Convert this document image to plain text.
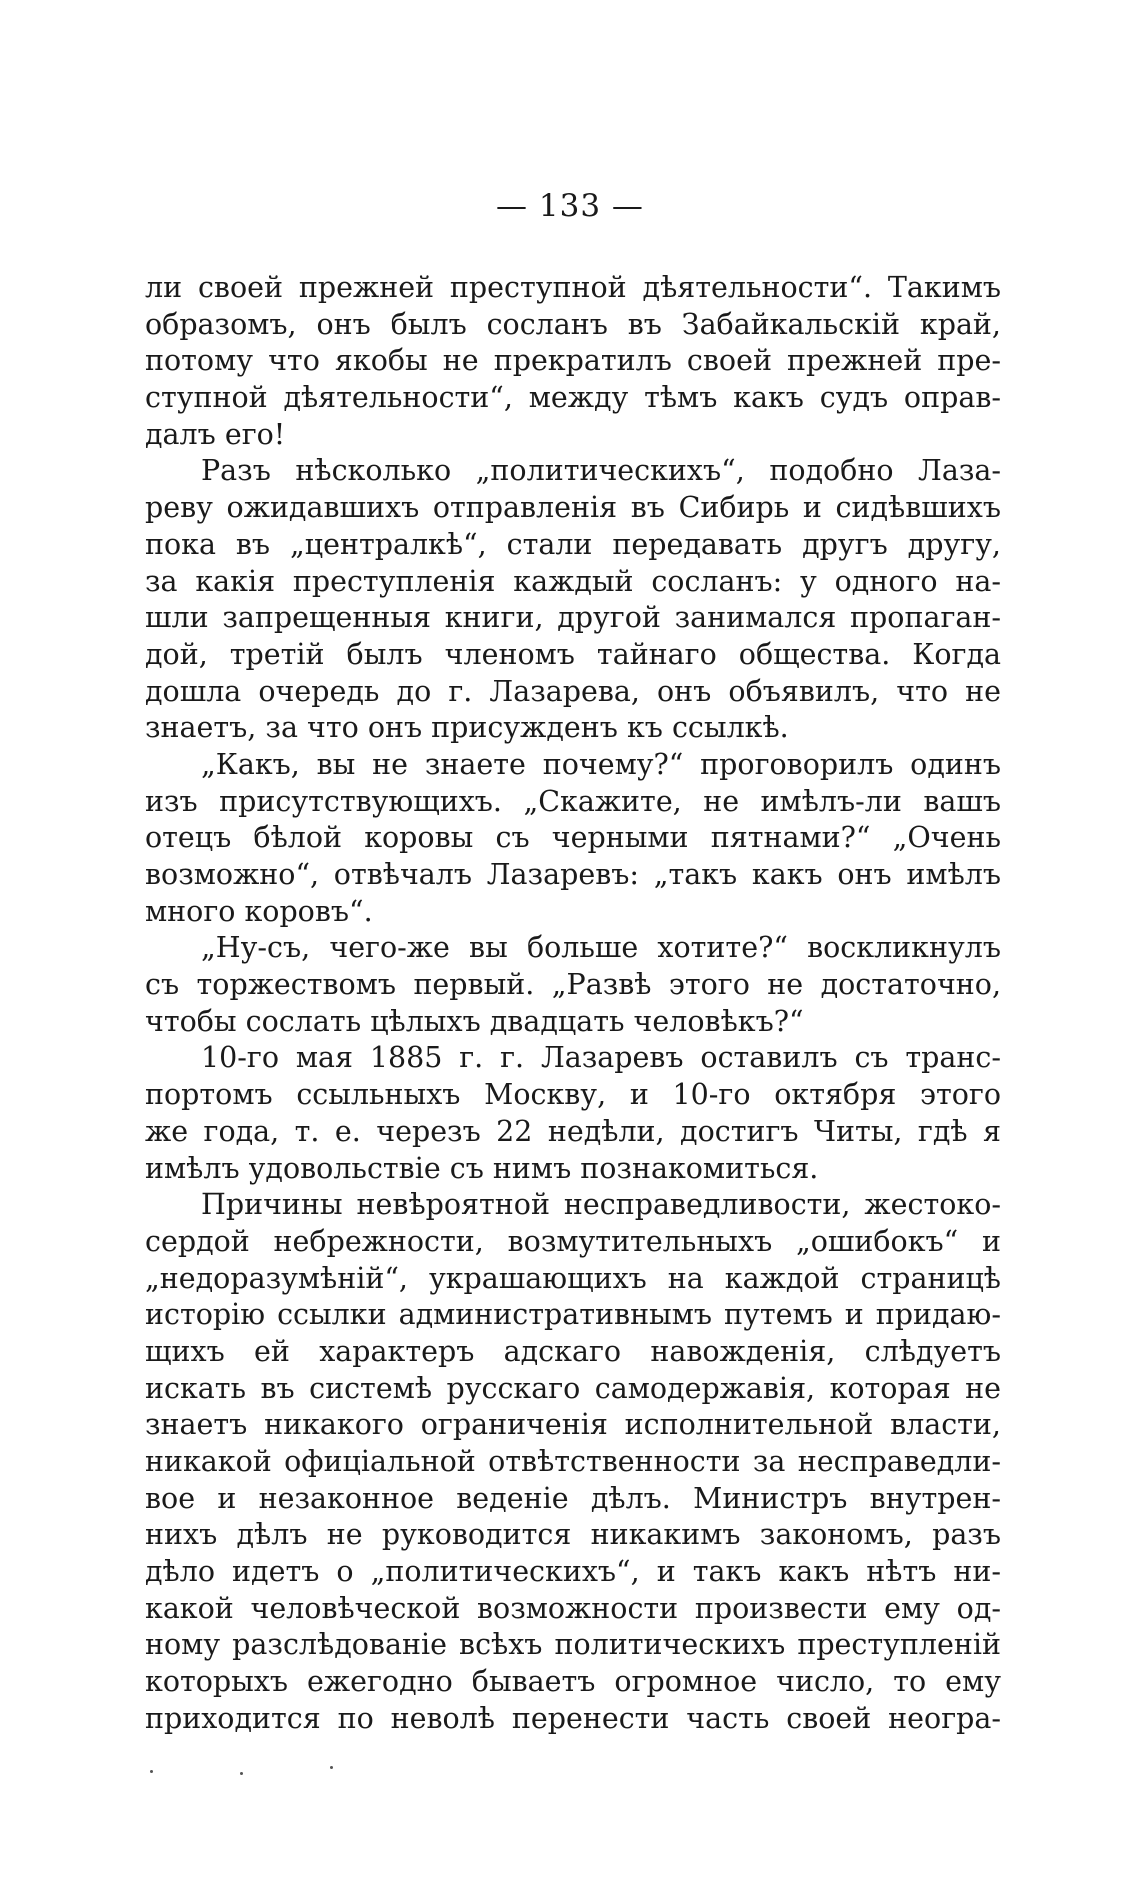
— 133 —
ли своей прежней преступной дѣятельности“. Такимъ
образомъ, онъ былъ сосланъ въ Забайкальскій край,
потому что якобы не прекратилъ своей прежней пре-
ступной дѣятельности“, между тѣмъ какъ судъ оправ-
далъ его!
Разъ нѣсколько „политическихъ“, подобно Лаза-
реву ожидавшихъ отправленія въ Сибирь и сидѣвшихъ
пока въ „централкѣ“, стали передавать другъ другу,
за какія преступленія каждый сосланъ: у одного на-
шли запрещенныя книги, другой занимался пропаган-
дой, третій былъ членомъ тайнаго общества. Когда
дошла очередь до г. Лазарева, онъ объявилъ, что не
знаетъ, за что онъ присужденъ къ ссылкѣ.
„Какъ, вы не знаете почему?“ проговорилъ одинъ
изъ присутствующихъ. „Скажите, не имѣлъ-ли вашъ
отецъ бѣлой коровы съ черными пятнами?“ „Очень
возможно“, отвѣчалъ Лазаревъ: „такъ какъ онъ имѣлъ
много коровъ“.
„Ну-съ, чего-же вы больше хотите?“ воскликнулъ
съ торжествомъ первый. „Развѣ этого не достаточно,
чтобы сослать цѣлыхъ двадцать человѣкъ?“
10-го мая 1885 г. г. Лазаревъ оставилъ съ транс-
портомъ ссыльныхъ Москву, и 10-го октября этого
же года, т. е. черезъ 22 недѣли, достигъ Читы, гдѣ я
имѣлъ удовольствіе съ нимъ познакомиться.
Причины невѣроятной несправедливости, жестоко-
сердой небрежности, возмутительныхъ „ошибокъ“ и
„недоразумѣній“, украшающихъ на каждой страницѣ
исторію ссылки административнымъ путемъ и придаю-
щихъ ей характеръ адскаго навожденія, слѣдуетъ
искать въ системѣ русскаго самодержавія, которая не
знаетъ никакого ограниченія исполнительной власти,
никакой офиціальной отвѣтственности за несправедли-
вое и незаконное веденіе дѣлъ. Министръ внутрен-
нихъ дѣлъ не руководится никакимъ закономъ, разъ
дѣло идетъ о „политическихъ“, и такъ какъ нѣтъ ни-
какой человѣческой возможности произвести ему од-
ному разслѣдованіе всѣхъ политическихъ преступленій
которыхъ ежегодно бываетъ огромное число, то ему
приходится по неволѣ перенести часть своей неогра-
